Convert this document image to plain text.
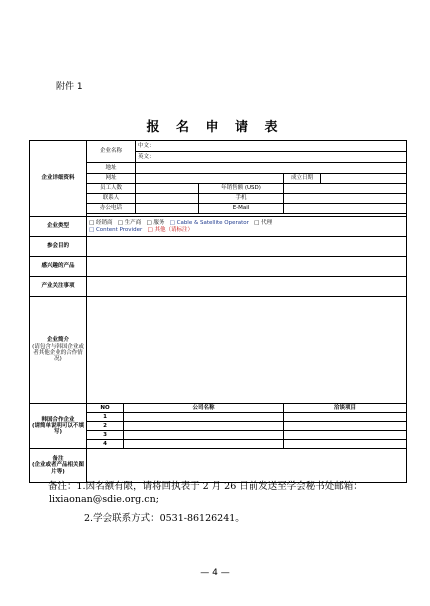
附件 1
报 名 申 请 表
企业详细资料	企业名称		中文：			
			英文：			
	地址					
	网址				成立日期	
	员工人数			年销售额 (USD)		
	联系人			手机		
	办公电话			E-Mail		

企业类型	□ 经销商 □ 生产商 □ 服务 □ Cable & Satellite Operator □ 代理
□ Content Provider □ 其他（请标注）					
参会目的						
感兴趣的产品						
产业关注事项						

企业简介
(请包含与韩国企业或者其他企业的合作情况)						

韩国合作企业
(请简单说明可以不填写)	NO	公司名称			洽谈项目	
	1					
	2					
	3					
	4					

备注
(企业或者产品相关图片等)						

备注：1.因名额有限，请将回执表于 2 月 26 日前发送至学会秘书处邮箱：
lixiaonan@sdie.org.cn;
2.学会联系方式：0531-86126241。
— 4 —
